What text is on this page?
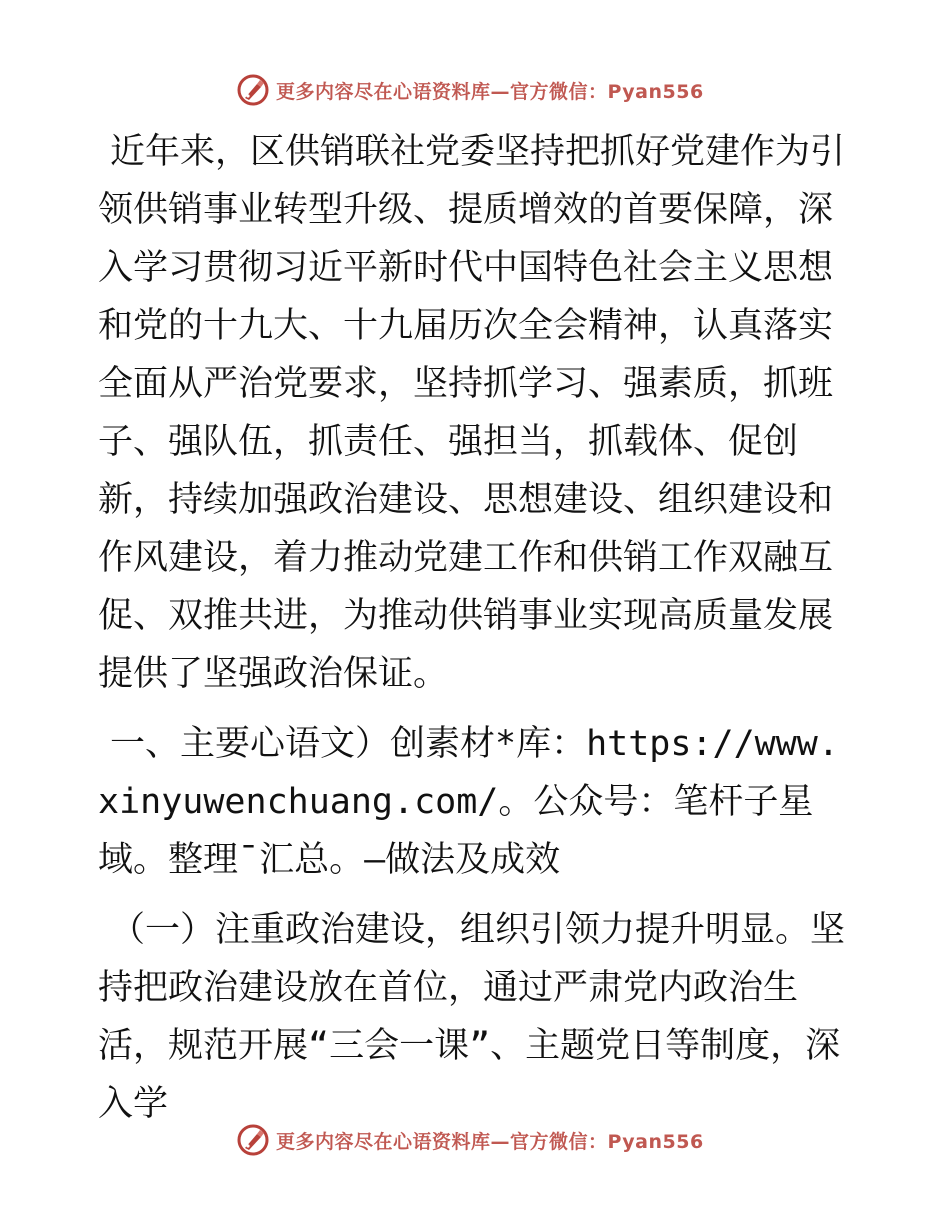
更多内容尽在心语资料库—官方微信：Pyan556

近年来，区供销联社党委坚持把抓好党建作为引领供销事业转型升级、提质增效的首要保障，深入学习贯彻习近平新时代中国特色社会主义思想和党的十九大、十九届历次全会精神，认真落实全面从严治党要求，坚持抓学习、强素质，抓班子、强队伍，抓责任、强担当，抓载体、促创新，持续加强政治建设、思想建设、组织建设和作风建设，着力推动党建工作和供销工作双融互促、双推共进，为推动供销事业实现高质量发展提供了坚强政治保证。

一、主要心语文）创素材*库：https://www.xinyuwenchuang.com/。公众号：笔杆子星域。整理¯汇总。—做法及成效

（一）注重政治建设，组织引领力提升明显。坚持把政治建设放在首位，通过严肃党内政治生活，规范开展“三会一课”、主题党日等制度，深入学

更多内容尽在心语资料库—官方微信：Pyan556
